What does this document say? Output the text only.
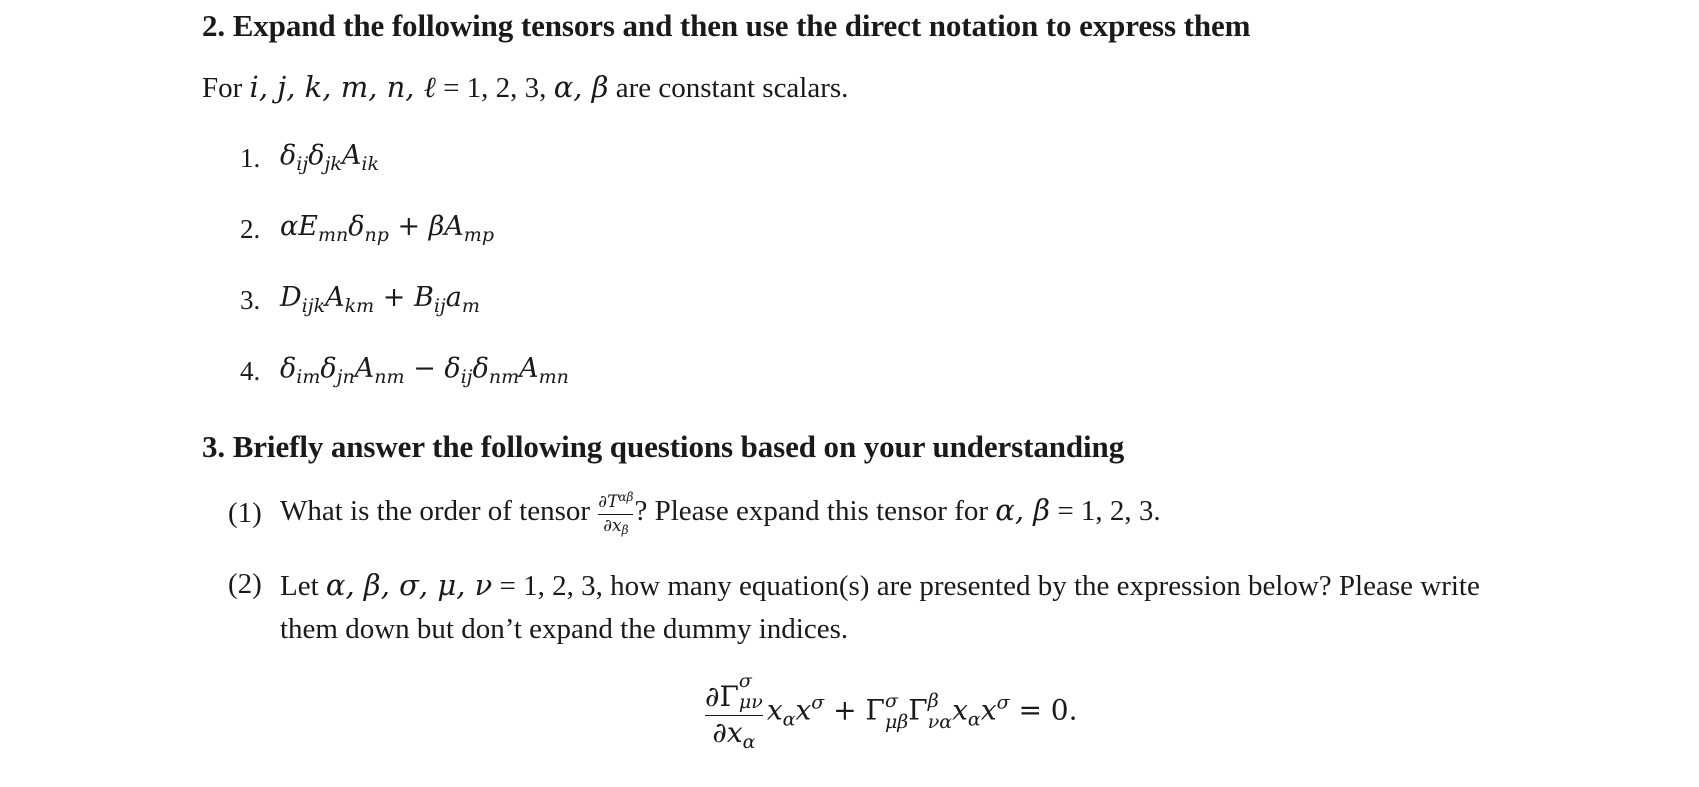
2. Expand the following tensors and then use the direct notation to express them
For i, j, k, m, n, ℓ = 1, 2, 3, α, β are constant scalars.
1. $\delta_{ij}\delta_{jk}A_{ik}$
2. $\alpha E_{mn}\delta_{np} + \beta A_{mp}$
3. $D_{ijk}A_{km} + B_{ij}a_m$
4. $\delta_{im}\delta_{jn}A_{nm} - \delta_{ij}\delta_{nm}A_{mn}$
3. Briefly answer the following questions based on your understanding
(1) What is the order of tensor $\frac{\partial T^{\alpha\beta}}{\partial x_\beta}$ ? Please expand this tensor for α, β = 1, 2, 3.
(2) Let α, β, σ, μ, ν = 1, 2, 3, how many equation(s) are presented by the expression below? Please write
them down but don’t expand the dummy indices.
∂Γ σ
μν
$\partial x_\alpha$ $x_\alpha x^\sigma + \Gamma$ σ
μβ Γ β
να $x_\alpha x^\sigma = 0$.
